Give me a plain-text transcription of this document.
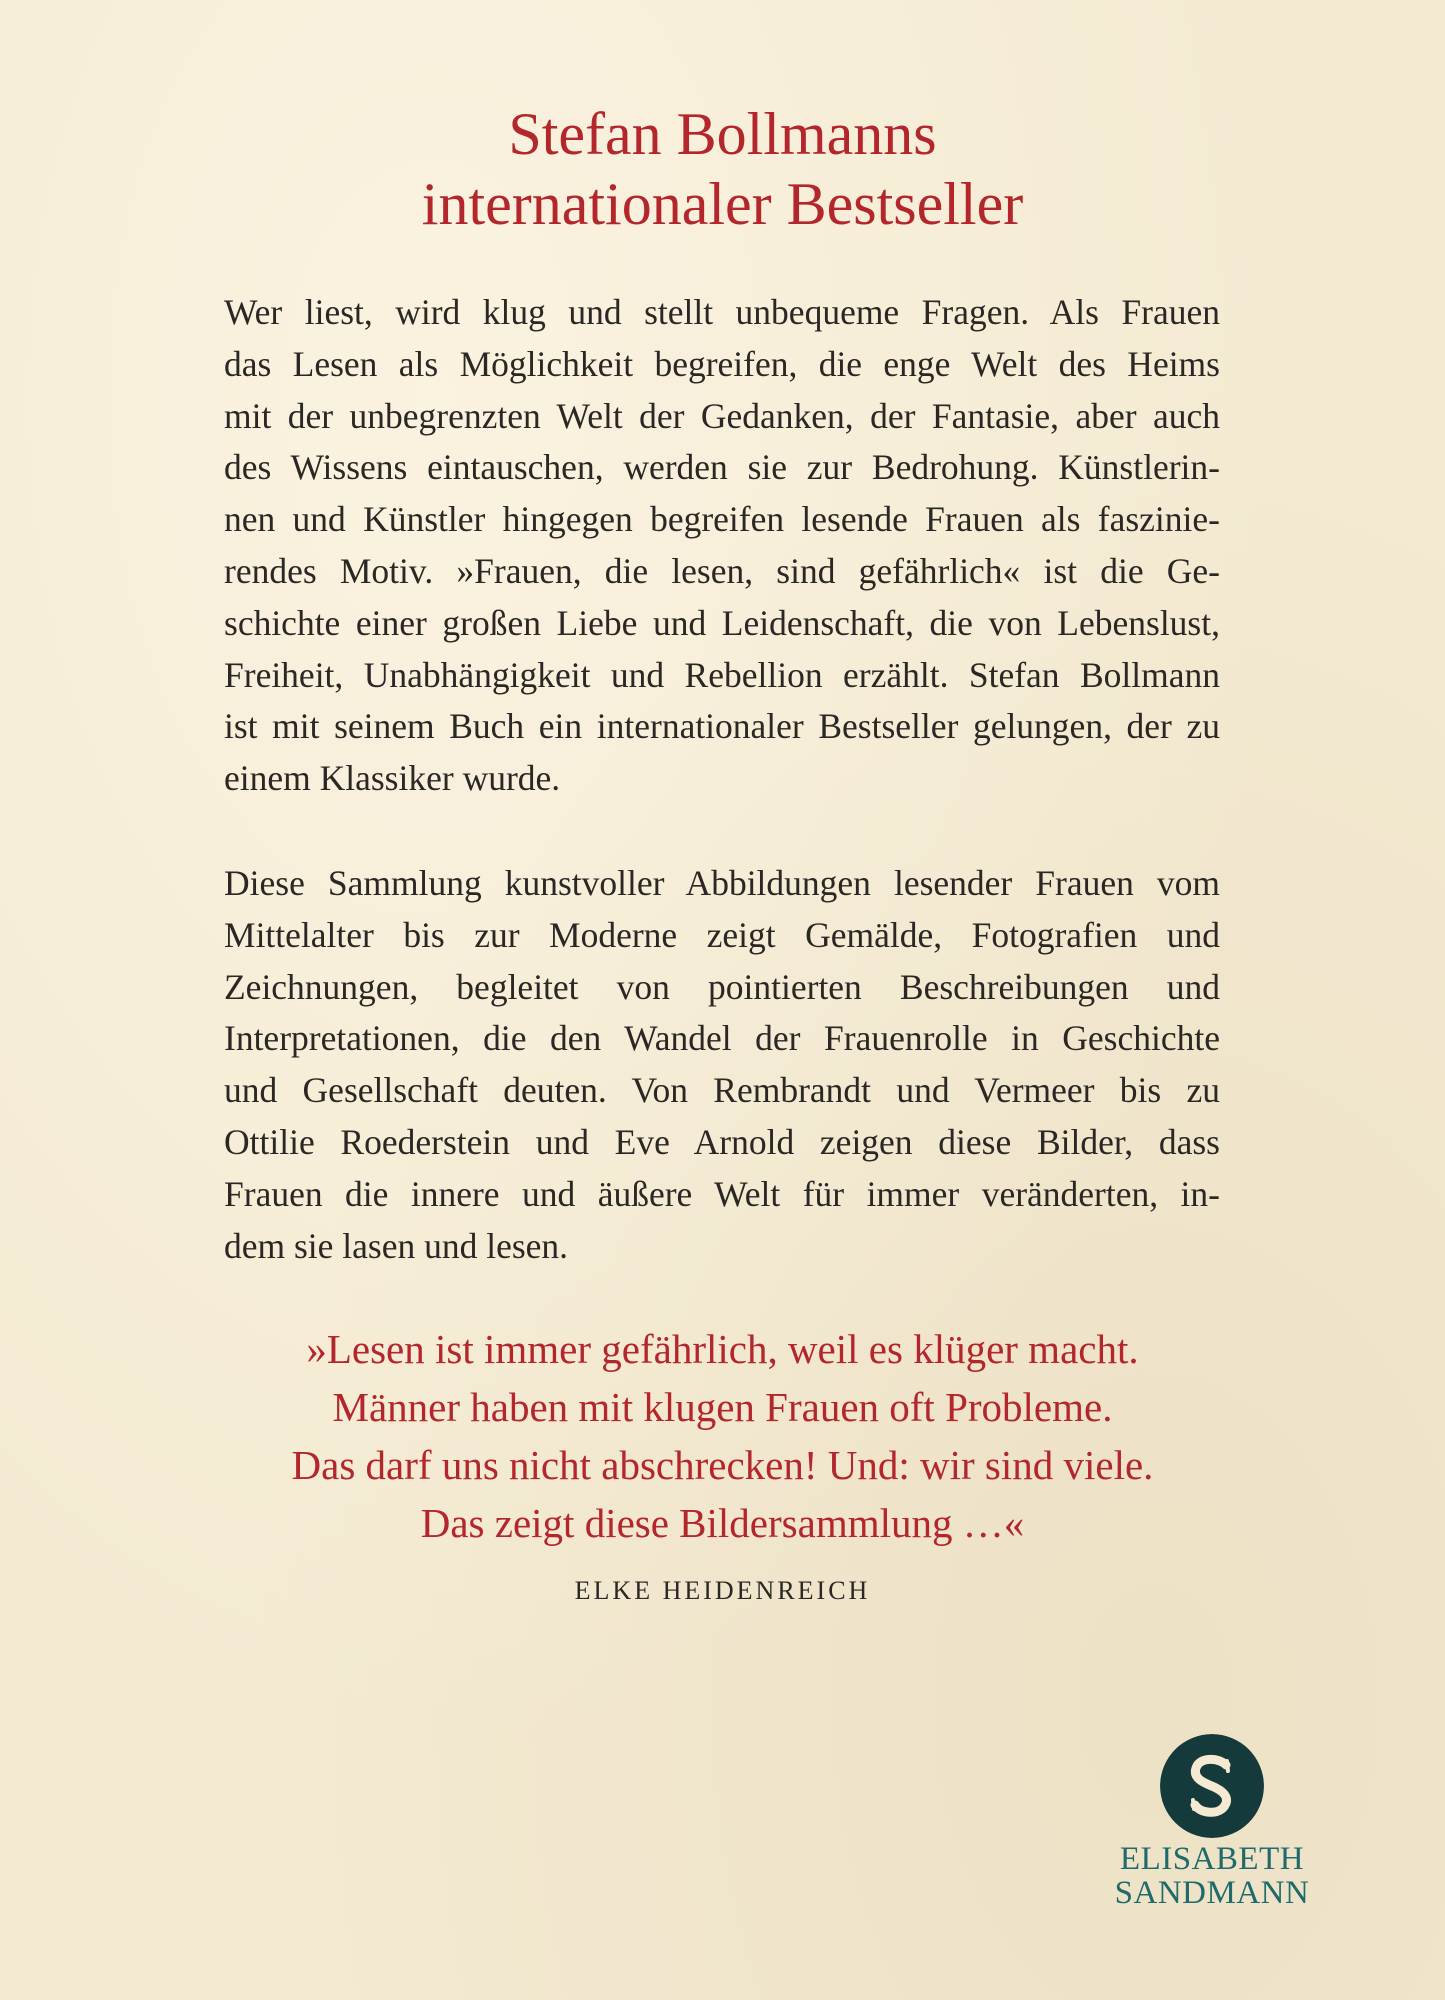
Stefan Bollmanns
internationaler Bestseller
Wer liest, wird klug und stellt unbequeme Fragen. Als Frauen
das Lesen als Möglichkeit begreifen, die enge Welt des Heims
mit der unbegrenzten Welt der Gedanken, der Fantasie, aber auch
des Wissens eintauschen, werden sie zur Bedrohung. Künstlerin-
nen und Künstler hingegen begreifen lesende Frauen als faszinie-
rendes Motiv. »Frauen, die lesen, sind gefährlich« ist die Ge-
schichte einer großen Liebe und Leidenschaft, die von Lebenslust,
Freiheit, Unabhängigkeit und Rebellion erzählt. Stefan Bollmann
ist mit seinem Buch ein internationaler Bestseller gelungen, der zu
einem Klassiker wurde.
Diese Sammlung kunstvoller Abbildungen lesender Frauen vom
Mittelalter bis zur Moderne zeigt Gemälde, Fotografien und
Zeichnungen, begleitet von pointierten Beschreibungen und
Interpretationen, die den Wandel der Frauenrolle in Geschichte
und Gesellschaft deuten. Von Rembrandt und Vermeer bis zu
Ottilie Roederstein und Eve Arnold zeigen diese Bilder, dass
Frauen die innere und äußere Welt für immer veränderten, in-
dem sie lasen und lesen.
»Lesen ist immer gefährlich, weil es klüger macht.
Männer haben mit klugen Frauen oft Probleme.
Das darf uns nicht abschrecken! Und: wir sind viele.
Das zeigt diese Bildersammlung …«
ELKE HEIDENREICH
ELISABETH
SANDMANN
